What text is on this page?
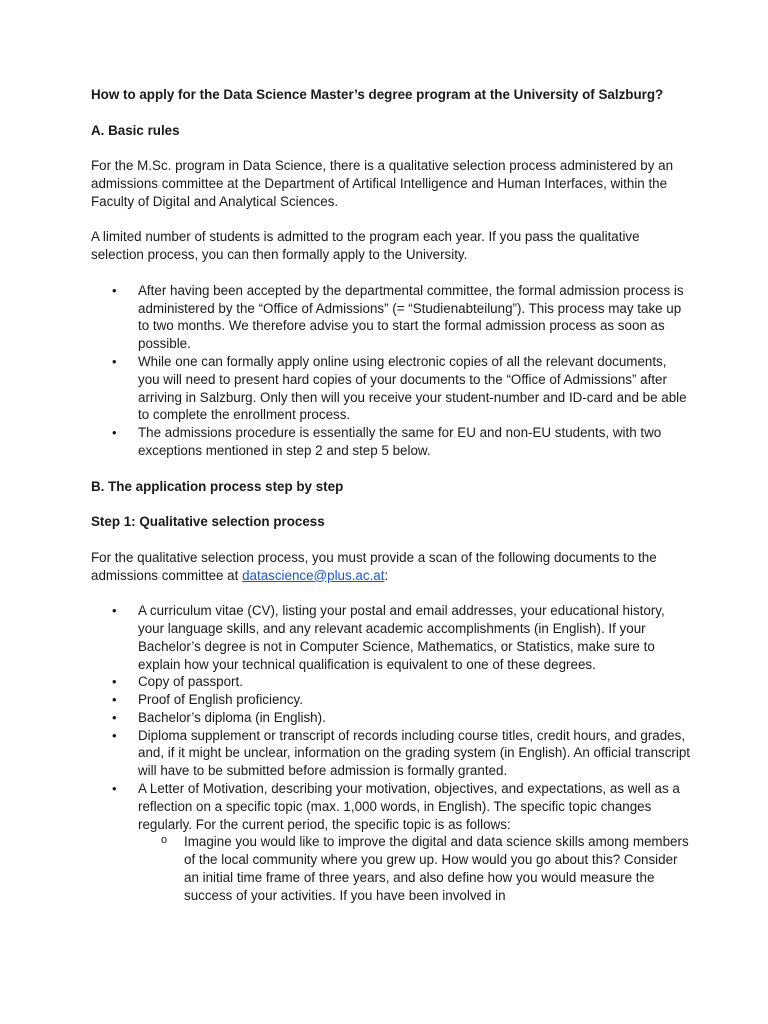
How to apply for the Data Science Master’s degree program at the University of Salzburg?

A. Basic rules

For the M.Sc. program in Data Science, there is a qualitative selection process administered by an admissions committee at the Department of Artifical Intelligence and Human Interfaces, within the Faculty of Digital and Analytical Sciences.

A limited number of students is admitted to the program each year. If you pass the qualitative selection process, you can then formally apply to the University.

• After having been accepted by the departmental committee, the formal admission process is administered by the “Office of Admissions” (= “Studienabteilung”). This process may take up to two months. We therefore advise you to start the formal admission process as soon as possible.
• While one can formally apply online using electronic copies of all the relevant documents, you will need to present hard copies of your documents to the “Office of Admissions” after arriving in Salzburg. Only then will you receive your student-number and ID-card and be able to complete the enrollment process.
• The admissions procedure is essentially the same for EU and non-EU students, with two exceptions mentioned in step 2 and step 5 below.

B. The application process step by step

Step 1: Qualitative selection process

For the qualitative selection process, you must provide a scan of the following documents to the admissions committee at datascience@plus.ac.at:

• A curriculum vitae (CV), listing your postal and email addresses, your educational history, your language skills, and any relevant academic accomplishments (in English). If your Bachelor’s degree is not in Computer Science, Mathematics, or Statistics, make sure to explain how your technical qualification is equivalent to one of these degrees.
• Copy of passport.
• Proof of English proficiency.
• Bachelor’s diploma (in English).
• Diploma supplement or transcript of records including course titles, credit hours, and grades, and, if it might be unclear, information on the grading system (in English). An official transcript will have to be submitted before admission is formally granted.
• A Letter of Motivation, describing your motivation, objectives, and expectations, as well as a reflection on a specific topic (max. 1,000 words, in English). The specific topic changes regularly. For the current period, the specific topic is as follows:
o Imagine you would like to improve the digital and data science skills among members of the local community where you grew up. How would you go about this? Consider an initial time frame of three years, and also define how you would measure the success of your activities. If you have been involved in
